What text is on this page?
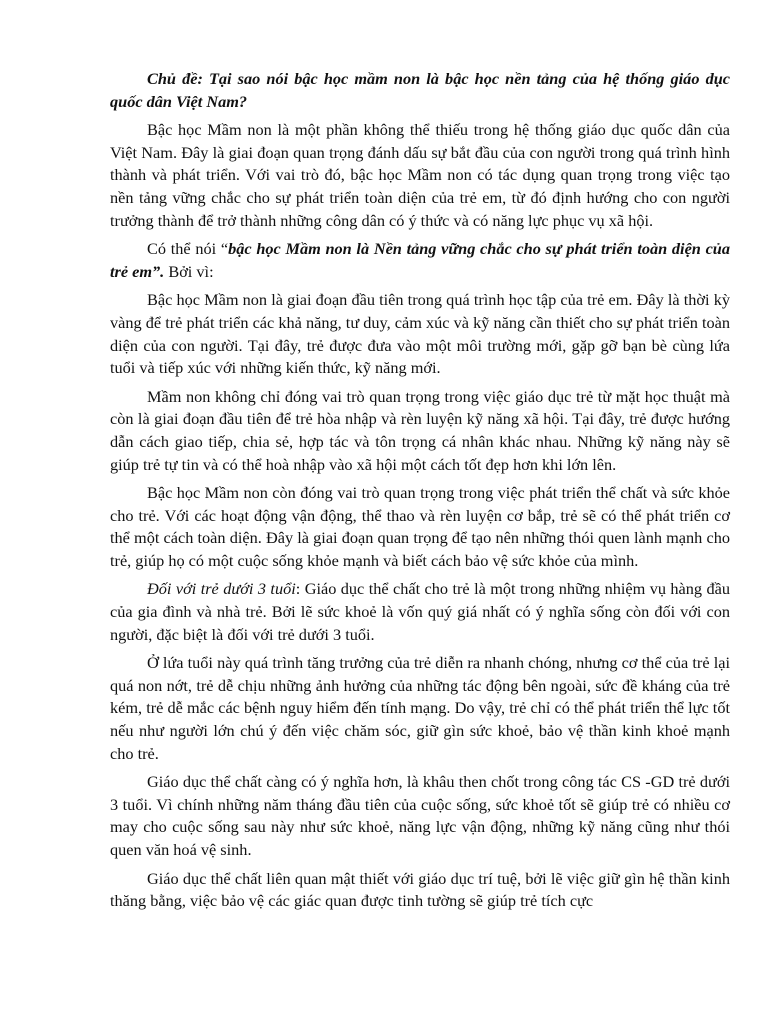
Chủ đề: Tại sao nói bậc học mầm non là bậc học nền tảng của hệ thống giáo dục quốc dân Việt Nam?

Bậc học Mầm non là một phần không thể thiếu trong hệ thống giáo dục quốc dân của Việt Nam. Đây là giai đoạn quan trọng đánh dấu sự bắt đầu của con người trong quá trình hình thành và phát triển. Với vai trò đó, bậc học Mầm non có tác dụng quan trọng trong việc tạo nền tảng vững chắc cho sự phát triển toàn diện của trẻ em, từ đó định hướng cho con người trưởng thành để trở thành những công dân có ý thức và có năng lực phục vụ xã hội.

Có thể nói “bậc học Mầm non là Nền tảng vững chắc cho sự phát triển toàn diện của trẻ em”. Bởi vì:

Bậc học Mầm non là giai đoạn đầu tiên trong quá trình học tập của trẻ em. Đây là thời kỳ vàng để trẻ phát triển các khả năng, tư duy, cảm xúc và kỹ năng cần thiết cho sự phát triển toàn diện của con người. Tại đây, trẻ được đưa vào một môi trường mới, gặp gỡ bạn bè cùng lứa tuổi và tiếp xúc với những kiến thức, kỹ năng mới.

Mầm non không chỉ đóng vai trò quan trọng trong việc giáo dục trẻ từ mặt học thuật mà còn là giai đoạn đầu tiên để trẻ hòa nhập và rèn luyện kỹ năng xã hội. Tại đây, trẻ được hướng dẫn cách giao tiếp, chia sẻ, hợp tác và tôn trọng cá nhân khác nhau. Những kỹ năng này sẽ giúp trẻ tự tin và có thể hoà nhập vào xã hội một cách tốt đẹp hơn khi lớn lên.

Bậc học Mầm non còn đóng vai trò quan trọng trong việc phát triển thể chất và sức khỏe cho trẻ. Với các hoạt động vận động, thể thao và rèn luyện cơ bắp, trẻ sẽ có thể phát triển cơ thể một cách toàn diện. Đây là giai đoạn quan trọng để tạo nên những thói quen lành mạnh cho trẻ, giúp họ có một cuộc sống khỏe mạnh và biết cách bảo vệ sức khỏe của mình.

Đối với trẻ dưới 3 tuổi: Giáo dục thể chất cho trẻ là một trong những nhiệm vụ hàng đầu của gia đình và nhà trẻ. Bởi lẽ sức khoẻ là vốn quý giá nhất có ý nghĩa sống còn đối với con người, đặc biệt là đối với trẻ dưới 3 tuổi.

Ở lứa tuổi này quá trình tăng trưởng của trẻ diễn ra nhanh chóng, nhưng cơ thể của trẻ lại quá non nớt, trẻ dễ chịu những ảnh hưởng của những tác động bên ngoài, sức đề kháng của trẻ kém, trẻ dễ mắc các bệnh nguy hiểm đến tính mạng. Do vậy, trẻ chỉ có thể phát triển thể lực tốt nếu như người lớn chú ý đến việc chăm sóc, giữ gìn sức khoẻ, bảo vệ thần kinh khoẻ mạnh cho trẻ.

Giáo dục thể chất càng có ý nghĩa hơn, là khâu then chốt trong công tác CS -GD trẻ dưới 3 tuổi. Vì chính những năm tháng đầu tiên của cuộc sống, sức khoẻ tốt sẽ giúp trẻ có nhiều cơ may cho cuộc sống sau này như sức khoẻ, năng lực vận động, những kỹ năng cũng như thói quen văn hoá vệ sinh.

Giáo dục thể chất liên quan mật thiết với giáo dục trí tuệ, bởi lẽ việc giữ gìn hệ thần kinh thăng bằng, việc bảo vệ các giác quan được tinh tường sẽ giúp trẻ tích cực
